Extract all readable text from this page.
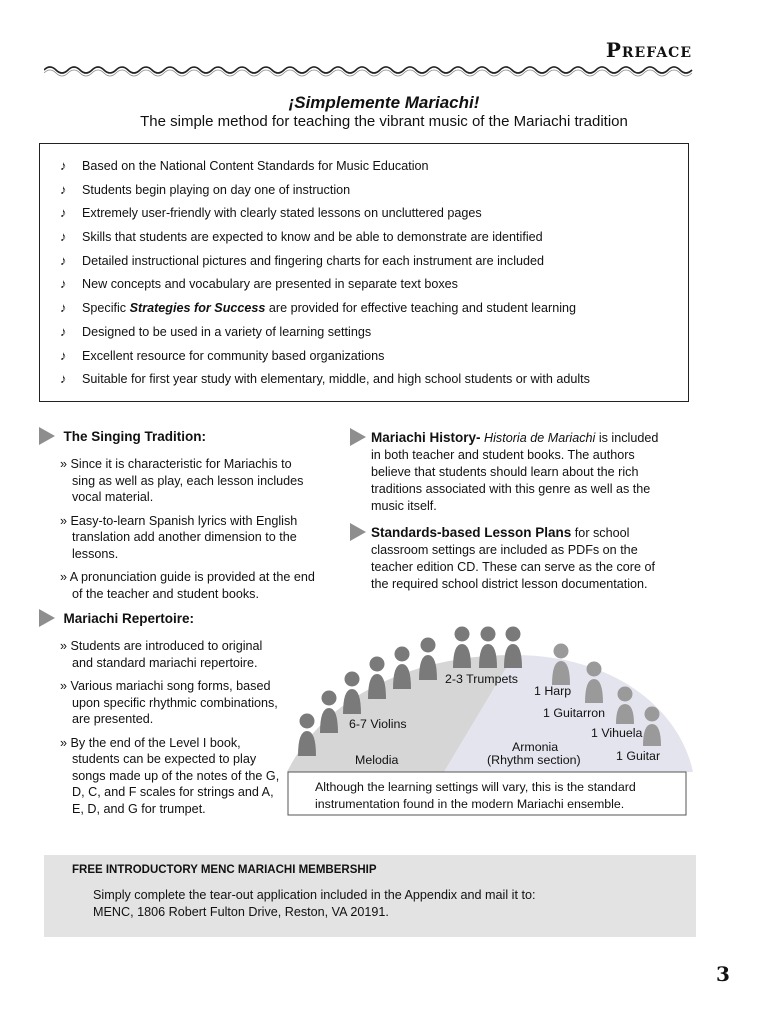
Preface
¡Simplemente Mariachi!
The simple method for teaching the vibrant music of the Mariachi tradition
♪ Based on the National Content Standards for Music Education
♪ Students begin playing on day one of instruction
♪ Extremely user-friendly with clearly stated lessons on uncluttered pages
♪ Skills that students are expected to know and be able to demonstrate are identified
♪ Detailed instructional pictures and fingering charts for each instrument are included
♪ New concepts and vocabulary are presented in separate text boxes
♪ Specific Strategies for Success are provided for effective teaching and student learning
♪ Designed to be used in a variety of learning settings
♪ Excellent resource for community based organizations
♪ Suitable for first year study with elementary, middle, and high school students or with adults
The Singing Tradition:

» Since it is characteristic for Mariachis to sing as well as play, each lesson includes vocal material.

» Easy-to-learn Spanish lyrics with English translation add another dimension to the lessons.

» A pronunciation guide is provided at the end of the teacher and student books.

Mariachi Repertoire:

» Students are introduced to original and standard mariachi repertoire.

» Various mariachi song forms, based upon specific rhythmic combinations, are presented.

» By the end of the Level I book, students can be expected to play songs made up of the notes of the G, D, C, and F scales for strings and A, E, D, and G for trumpet.

Mariachi History- Historia de Mariachi is included in both teacher and student books. The authors believe that students should learn about the rich traditions associated with this genre as well as the music itself.
Standards-based Lesson Plans for school classroom settings are included as PDFs on the teacher edition CD. These can serve as the core of the required school district lesson documentation.
2-3 Trumpets
6-7 Violins
Melodia
1 Harp
1 Guitarron
1 Vihuela
1 Guitar
Armonia
(Rhythm section)
Although the learning settings will vary, this is the standard
instrumentation found in the modern Mariachi ensemble.
FREE INTRODUCTORY MENC MARIACHI MEMBERSHIP
Simply complete the tear-out application included in the Appendix and mail it to:
MENC, 1806 Robert Fulton Drive, Reston, VA 20191.
3
